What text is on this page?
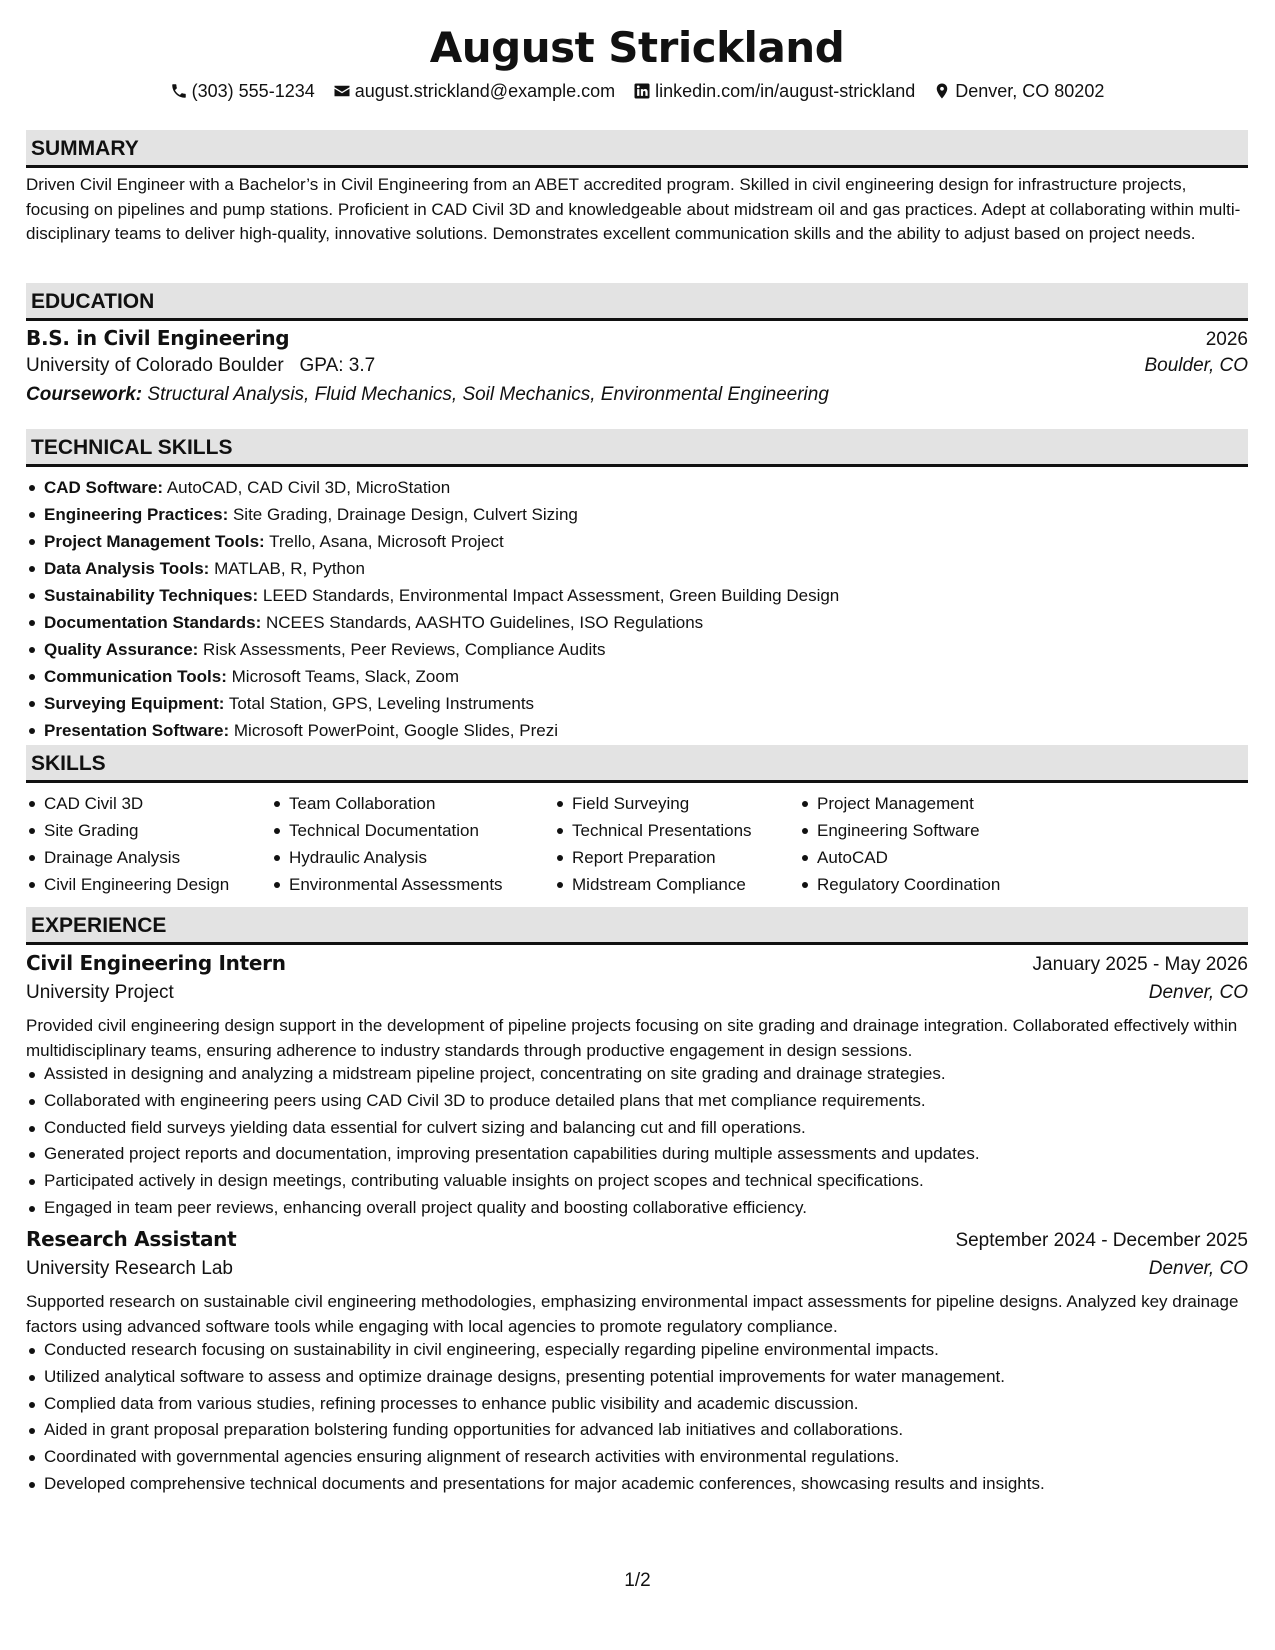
August Strickland
(303) 555-1234 august.strickland@example.com linkedin.com/in/august-strickland Denver, CO 80202
SUMMARY
Driven Civil Engineer with a Bachelor’s in Civil Engineering from an ABET accredited program. Skilled in civil engineering design for infrastructure projects, focusing on pipelines and pump stations. Proficient in CAD Civil 3D and knowledgeable about midstream oil and gas practices. Adept at collaborating within multi-disciplinary teams to deliver high-quality, innovative solutions. Demonstrates excellent communication skills and the ability to adjust based on project needs.
EDUCATION
B.S. in Civil Engineering	2026
University of Colorado Boulder GPA: 3.7	Boulder, CO
Coursework: Structural Analysis, Fluid Mechanics, Soil Mechanics, Environmental Engineering
TECHNICAL SKILLS
CAD Software: AutoCAD, CAD Civil 3D, MicroStation
Engineering Practices: Site Grading, Drainage Design, Culvert Sizing
Project Management Tools: Trello, Asana, Microsoft Project
Data Analysis Tools: MATLAB, R, Python
Sustainability Techniques: LEED Standards, Environmental Impact Assessment, Green Building Design
Documentation Standards: NCEES Standards, AASHTO Guidelines, ISO Regulations
Quality Assurance: Risk Assessments, Peer Reviews, Compliance Audits
Communication Tools: Microsoft Teams, Slack, Zoom
Surveying Equipment: Total Station, GPS, Leveling Instruments
Presentation Software: Microsoft PowerPoint, Google Slides, Prezi
SKILLS
CAD Civil 3D
Site Grading
Drainage Analysis
Civil Engineering Design
Team Collaboration
Technical Documentation
Hydraulic Analysis
Environmental Assessments
Field Surveying
Technical Presentations
Report Preparation
Midstream Compliance
Project Management
Engineering Software
AutoCAD
Regulatory Coordination
EXPERIENCE
Civil Engineering Intern	January 2025 - May 2026
University Project	Denver, CO
Provided civil engineering design support in the development of pipeline projects focusing on site grading and drainage integration. Collaborated effectively within multidisciplinary teams, ensuring adherence to industry standards through productive engagement in design sessions.
Assisted in designing and analyzing a midstream pipeline project, concentrating on site grading and drainage strategies.
Collaborated with engineering peers using CAD Civil 3D to produce detailed plans that met compliance requirements.
Conducted field surveys yielding data essential for culvert sizing and balancing cut and fill operations.
Generated project reports and documentation, improving presentation capabilities during multiple assessments and updates.
Participated actively in design meetings, contributing valuable insights on project scopes and technical specifications.
Engaged in team peer reviews, enhancing overall project quality and boosting collaborative efficiency.
Research Assistant	September 2024 - December 2025
University Research Lab	Denver, CO
Supported research on sustainable civil engineering methodologies, emphasizing environmental impact assessments for pipeline designs. Analyzed key drainage factors using advanced software tools while engaging with local agencies to promote regulatory compliance.
Conducted research focusing on sustainability in civil engineering, especially regarding pipeline environmental impacts.
Utilized analytical software to assess and optimize drainage designs, presenting potential improvements for water management.
Complied data from various studies, refining processes to enhance public visibility and academic discussion.
Aided in grant proposal preparation bolstering funding opportunities for advanced lab initiatives and collaborations.
Coordinated with governmental agencies ensuring alignment of research activities with environmental regulations.
Developed comprehensive technical documents and presentations for major academic conferences, showcasing results and insights.
1/2
